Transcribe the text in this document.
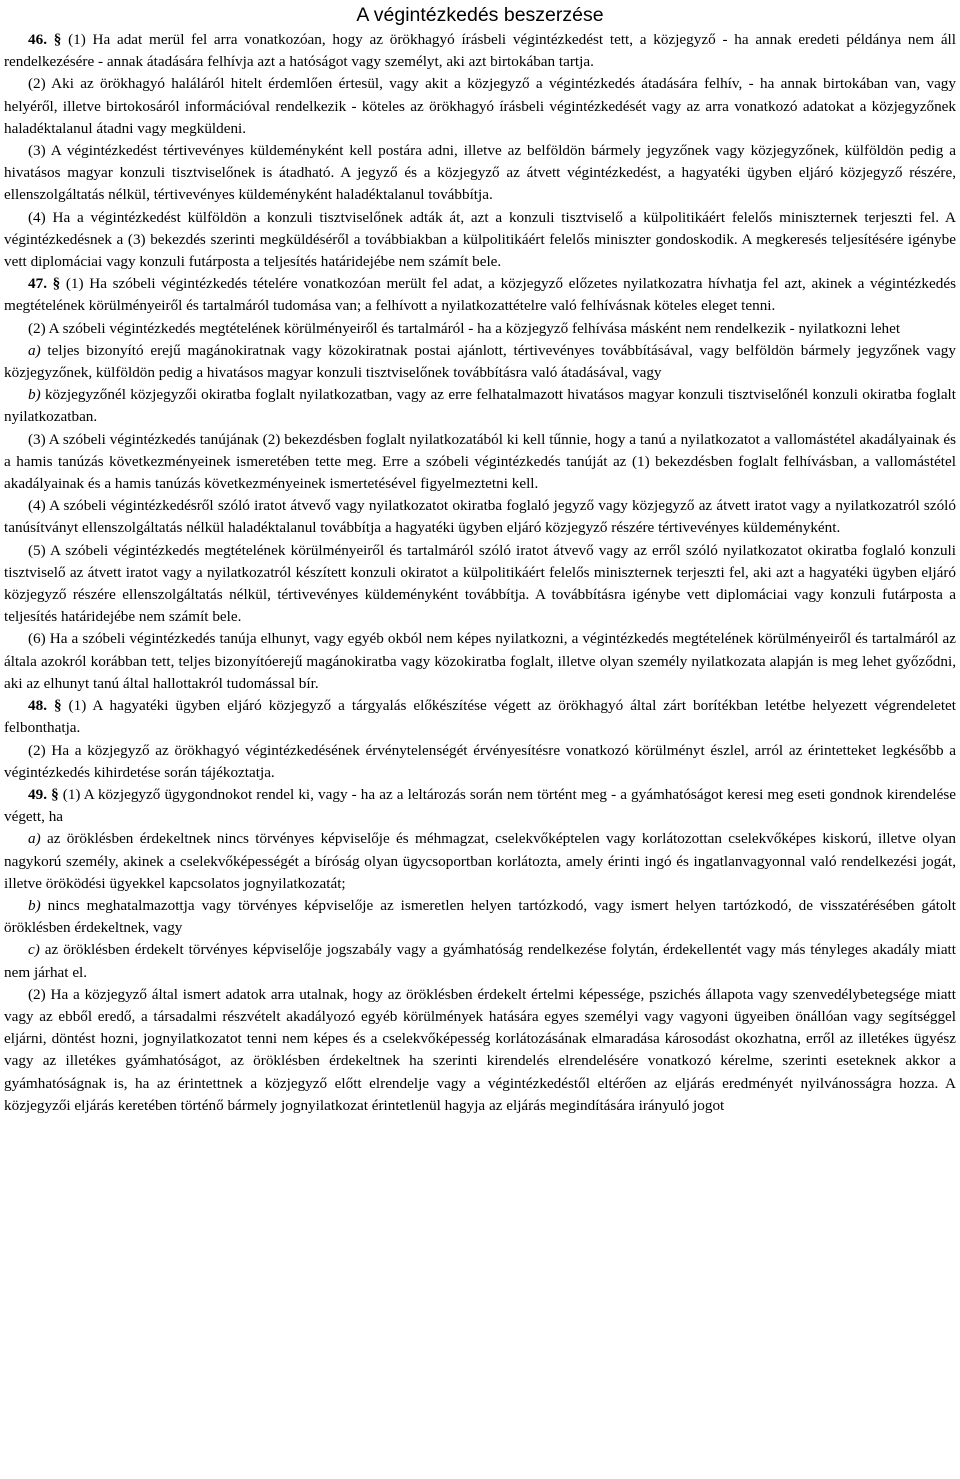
A végintézkedés beszerzése

46. § (1) Ha adat merül fel arra vonatkozóan, hogy az örökhagyó írásbeli végintézkedést tett, a közjegyző - ha annak eredeti példánya nem áll rendelkezésére - annak átadására felhívja azt a hatóságot vagy személyt, aki azt birtokában tartja.

(2) Aki az örökhagyó haláláról hitelt érdemlően értesül, vagy akit a közjegyző a végintézkedés átadására felhív, - ha annak birtokában van, vagy helyéről, illetve birtokosáról információval rendelkezik - köteles az örökhagyó írásbeli végintézkedését vagy az arra vonatkozó adatokat a közjegyzőnek haladéktalanul átadni vagy megküldeni.

(3) A végintézkedést tértivevényes küldeményként kell postára adni, illetve az belföldön bármely jegyzőnek vagy közjegyzőnek, külföldön pedig a hivatásos magyar konzuli tisztviselőnek is átadható. A jegyző és a közjegyző az átvett végintézkedést, a hagyatéki ügyben eljáró közjegyző részére, ellenszolgáltatás nélkül, tértivevényes küldeményként haladéktalanul továbbítja.

(4) Ha a végintézkedést külföldön a konzuli tisztviselőnek adták át, azt a konzuli tisztviselő a külpolitikáért felelős miniszternek terjeszti fel. A végintézkedésnek a (3) bekezdés szerinti megküldéséről a továbbiakban a külpolitikáért felelős miniszter gondoskodik. A megkeresés teljesítésére igénybe vett diplomáciai vagy konzuli futárposta a teljesítés határidejébe nem számít bele.

47. § (1) Ha szóbeli végintézkedés tételére vonatkozóan merült fel adat, a közjegyző előzetes nyilatkozatra hívhatja fel azt, akinek a végintézkedés megtételének körülményeiről és tartalmáról tudomása van; a felhívott a nyilatkozattételre való felhívásnak köteles eleget tenni.

(2) A szóbeli végintézkedés megtételének körülményeiről és tartalmáról - ha a közjegyző felhívása másként nem rendelkezik - nyilatkozni lehet

a) teljes bizonyító erejű magánokiratnak vagy közokiratnak postai ajánlott, tértivevényes továbbításával, vagy belföldön bármely jegyzőnek vagy közjegyzőnek, külföldön pedig a hivatásos magyar konzuli tisztviselőnek továbbításra való átadásával, vagy

b) közjegyzőnél közjegyzői okiratba foglalt nyilatkozatban, vagy az erre felhatalmazott hivatásos magyar konzuli tisztviselőnél konzuli okiratba foglalt nyilatkozatban.

(3) A szóbeli végintézkedés tanújának (2) bekezdésben foglalt nyilatkozatából ki kell tűnnie, hogy a tanú a nyilatkozatot a vallomástétel akadályainak és a hamis tanúzás következményeinek ismeretében tette meg. Erre a szóbeli végintézkedés tanúját az (1) bekezdésben foglalt felhívásban, a vallomástétel akadályainak és a hamis tanúzás következményeinek ismertetésével figyelmeztetni kell.

(4) A szóbeli végintézkedésről szóló iratot átvevő vagy nyilatkozatot okiratba foglaló jegyző vagy közjegyző az átvett iratot vagy a nyilatkozatról szóló tanúsítványt ellenszolgáltatás nélkül haladéktalanul továbbítja a hagyatéki ügyben eljáró közjegyző részére tértivevényes küldeményként.

(5) A szóbeli végintézkedés megtételének körülményeiről és tartalmáról szóló iratot átvevő vagy az erről szóló nyilatkozatot okiratba foglaló konzuli tisztviselő az átvett iratot vagy a nyilatkozatról készített konzuli okiratot a külpolitikáért felelős miniszternek terjeszti fel, aki azt a hagyatéki ügyben eljáró közjegyző részére ellenszolgáltatás nélkül, tértivevényes küldeményként továbbítja. A továbbításra igénybe vett diplomáciai vagy konzuli futárposta a teljesítés határidejébe nem számít bele.

(6) Ha a szóbeli végintézkedés tanúja elhunyt, vagy egyéb okból nem képes nyilatkozni, a végintézkedés megtételének körülményeiről és tartalmáról az általa azokról korábban tett, teljes bizonyítóerejű magánokiratba vagy közokiratba foglalt, illetve olyan személy nyilatkozata alapján is meg lehet győződni, aki az elhunyt tanú által hallottakról tudomással bír.

48. § (1) A hagyatéki ügyben eljáró közjegyző a tárgyalás előkészítése végett az örökhagyó által zárt borítékban letétbe helyezett végrendeletet felbonthatja.

(2) Ha a közjegyző az örökhagyó végintézkedésének érvénytelenségét érvényesítésre vonatkozó körülményt észlel, arról az érintetteket legkésőbb a végintézkedés kihirdetése során tájékoztatja.

49. § (1) A közjegyző ügygondnokot rendel ki, vagy - ha az a leltározás során nem történt meg - a gyámhatóságot keresi meg eseti gondnok kirendelése végett, ha

a) az öröklésben érdekeltnek nincs törvényes képviselője és méhmagzat, cselekvőképtelen vagy korlátozottan cselekvőképes kiskorú, illetve olyan nagykorú személy, akinek a cselekvőképességét a bíróság olyan ügycsoportban korlátozta, amely érinti ingó és ingatlanvagyonnal való rendelkezési jogát, illetve öröködési ügyekkel kapcsolatos jognyilatkozatát;

b) nincs meghatalmazottja vagy törvényes képviselője az ismeretlen helyen tartózkodó, vagy ismert helyen tartózkodó, de visszatérésében gátolt öröklésben érdekeltnek, vagy

c) az öröklésben érdekelt törvényes képviselője jogszabály vagy a gyámhatóság rendelkezése folytán, érdekellentét vagy más tényleges akadály miatt nem járhat el.

(2) Ha a közjegyző által ismert adatok arra utalnak, hogy az öröklésben érdekelt értelmi képessége, pszichés állapota vagy szenvedélybetegsége miatt vagy az ebből eredő, a társadalmi részvételt akadályozó egyéb körülmények hatására egyes személyi vagy vagyoni ügyeiben önállóan vagy segítséggel eljárni, döntést hozni, jognyilatkozatot tenni nem képes és a cselekvőképesség korlátozásának elmaradása károsodást okozhatna, erről az illetékes ügyész vagy az illetékes gyámhatóságot, az öröklésben érdekeltnek ha szerinti kirendelés elrendelésére vonatkozó kérelme, szerinti eseteknek akkor a gyámhatóságnak is, ha az érintettnek a közjegyző előtt elrendelje vagy a végintézkedéstől eltérően az eljárás eredményét nyilvánosságra hozza. A közjegyzői eljárás keretében történő bármely jognyilatkozat érintetlenül hagyja az eljárás megindítására irányuló jogot
